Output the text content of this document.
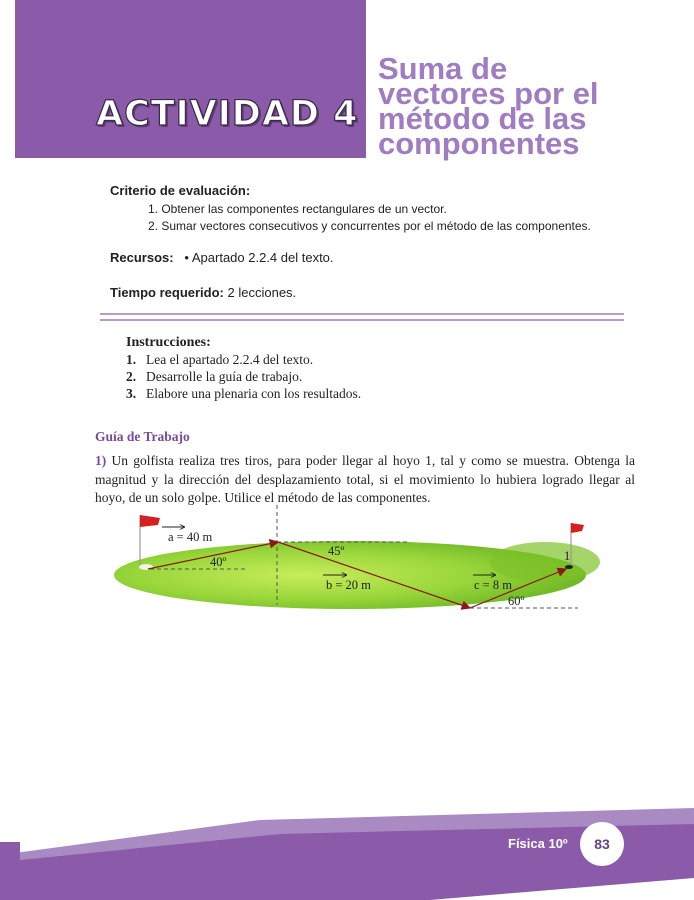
ACTIVIDAD 4
Suma de
vectores por el
método de las
componentes
Criterio de evaluación:
1. Obtener las componentes rectangulares de un vector.
2. Sumar vectores consecutivos y concurrentes por el método de las componentes.
Recursos: • Apartado 2.2.4 del texto.
Tiempo requerido: 2 lecciones.
Instrucciones:
1. Lea el apartado 2.2.4 del texto.
2. Desarrolle la guía de trabajo.
3. Elabore una plenaria con los resultados.
Guía de Trabajo
1) Un golfista realiza tres tiros, para poder llegar al hoyo 1, tal y como se muestra. Obtenga la magnitud y la dirección del desplazamiento total, si el movimiento lo hubiera logrado llegar al hoyo, de un solo golpe. Utilice el método de las componentes.
a = 40 m
40º
b = 20 m
45º
c = 8 m
60º
1
Física 10º	83
